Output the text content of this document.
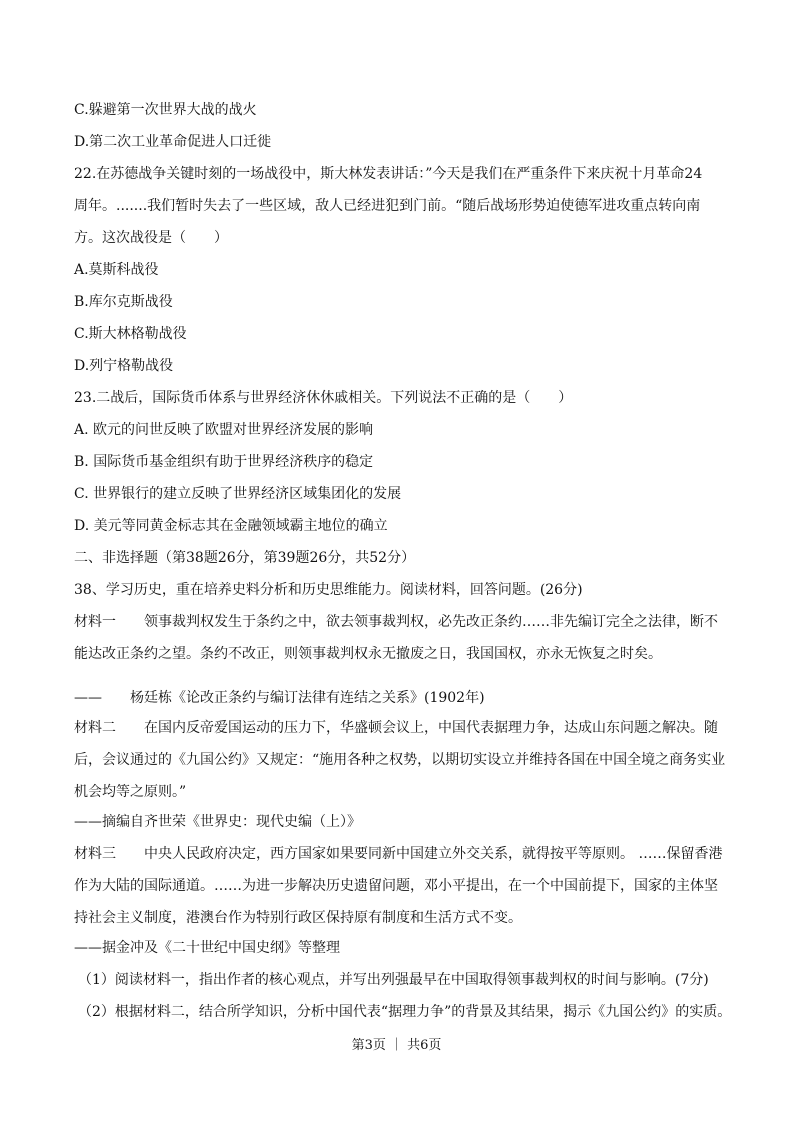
C.躲避第一次世界大战的战火
D.第二次工业革命促进人口迁徙
22.在苏德战争关键时刻的一场战役中，斯大林发表讲话：”今天是我们在严重条件下来庆祝十月革命24
周年。.......我们暂时失去了一些区域，敌人已经进犯到门前。“随后战场形势迫使德军进攻重点转向南
方。这次战役是（　　）
A.莫斯科战役
B.库尔克斯战役
C.斯大林格勒战役
D.列宁格勒战役
23.二战后，国际货币体系与世界经济休休戚相关。下列说法不正确的是（　　）
A. 欧元的问世反映了欧盟对世界经济发展的影响
B. 国际货币基金组织有助于世界经济秩序的稳定
C. 世界银行的建立反映了世界经济区域集团化的发展
D. 美元等同黄金标志其在金融领域霸主地位的确立
二、非选择题（第38题26分，第39题26分，共52分）
38、学习历史，重在培养史料分析和历史思维能力。阅读材料，回答问题。(26分)
材料一 领事裁判权发生于条约之中，欲去领事裁判权，必先改正条约……非先编订完全之法律，断不
能达改正条约之望。条约不改正，则领事裁判权永无撤废之日，我国国权，亦永无恢复之时矣。
——　　杨廷栋《论改正条约与编订法律有连结之关系》(1902年)
材料二 在国内反帝爱国运动的压力下，华盛顿会议上，中国代表据理力争，达成山东问题之解决。随
后，会议通过的《九国公约》又规定：“施用各种之权势，以期切实设立并维持各国在中国全境之商务实业
机会均等之原则。”
——摘编自齐世荣《世界史：现代史编（上）》
材料三 中央人民政府决定，西方国家如果要同新中国建立外交关系，就得按平等原则。 ……保留香港
作为大陆的国际通道。……为进一步解决历史遗留问题，邓小平提出，在一个中国前提下，国家的主体坚
持社会主义制度，港澳台作为特别行政区保持原有制度和生活方式不变。
——据金冲及《二十世纪中国史纲》等整理
（1）阅读材料一，指出作者的核心观点，并写出列强最早在中国取得领事裁判权的时间与影响。(7分)
（2）根据材料二，结合所学知识，分析中国代表“据理力争”的背景及其结果，揭示《九国公约》的实质。
第3页 ｜ 共6页
